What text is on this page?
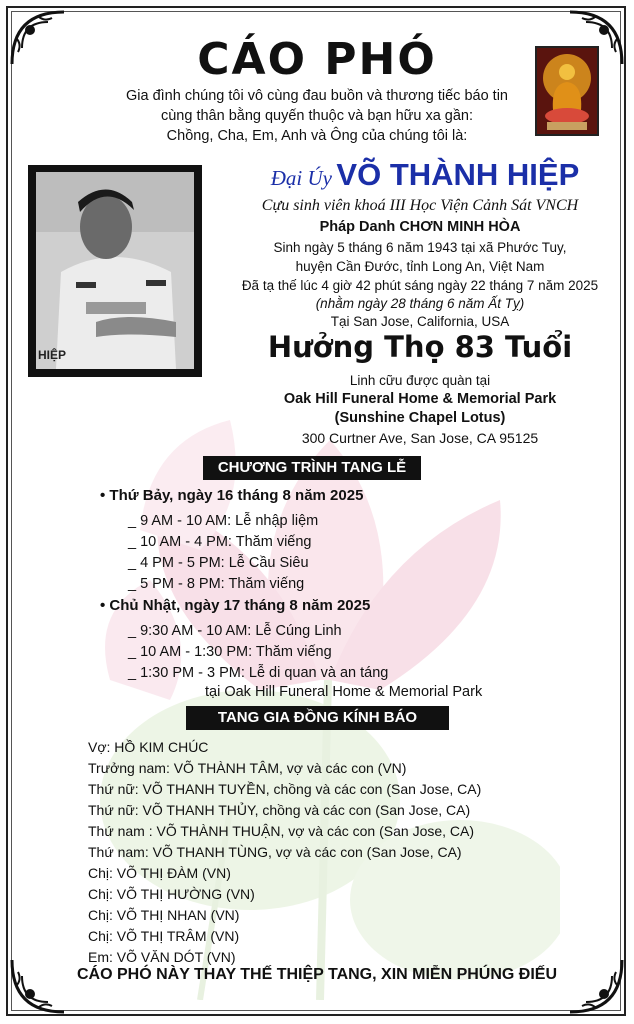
CÁO PHÓ
Gia đình chúng tôi vô cùng đau buồn và thương tiếc báo tin
cùng thân bằng quyến thuộc và bạn hữu xa gần:
Chồng, Cha, Em, Anh và Ông của chúng tôi là:
HIỆP
Đại Úy VÕ THÀNH HIỆP
Cựu sinh viên khoá III Học Viện Cảnh Sát VNCH
Pháp Danh CHƠN MINH HÒA
Sinh ngày 5 tháng 6 năm 1943 tại xã Phước Tuy,
huyện Cần Đước, tỉnh Long An, Việt Nam
Đã tạ thế lúc 4 giờ 42 phút sáng ngày 22 tháng 7 năm 2025
(nhằm ngày 28 tháng 6 năm Ất Tỵ)
Tại San Jose, California, USA
Hưởng Thọ 83 Tuổi
Linh cữu được quàn tại
Oak Hill Funeral Home & Memorial Park
(Sunshine Chapel Lotus)
300 Curtner Ave, San Jose, CA 95125
CHƯƠNG TRÌNH TANG LỄ
• Thứ Bảy, ngày 16 tháng 8 năm 2025
_ 9 AM - 10 AM: Lễ nhập liệm
_ 10 AM - 4 PM: Thăm viếng
_ 4 PM - 5 PM: Lễ Cầu Siêu
_ 5 PM - 8 PM: Thăm viếng
• Chủ Nhật, ngày 17 tháng 8 năm 2025
_ 9:30 AM - 10 AM: Lễ Cúng Linh
_ 10 AM - 1:30 PM: Thăm viếng
_ 1:30 PM - 3 PM: Lễ di quan và an táng
tại Oak Hill Funeral Home & Memorial Park
TANG GIA ĐỒNG KÍNH BÁO
Vợ: HỒ KIM CHÚC
Trưởng nam: VÕ THÀNH TÂM, vợ và các con (VN)
Thứ nữ: VÕ THANH TUYỀN, chồng và các con (San Jose, CA)
Thứ nữ: VÕ THANH THỦY, chồng và các con (San Jose, CA)
Thứ nam : VÕ THÀNH THUẬN, vợ và các con (San Jose, CA)
Thứ nam: VÕ THANH TÙNG, vợ và các con (San Jose, CA)
Chị: VÕ THỊ ĐÀM (VN)
Chị: VÕ THỊ HƯỜNG (VN)
Chị: VÕ THỊ NHAN (VN)
Chị: VÕ THỊ TRÂM (VN)
Em: VÕ VĂN DÓT (VN)
CÁO PHÓ NÀY THAY THẾ THIỆP TANG, XIN MIỄN PHÚNG ĐIẾU
